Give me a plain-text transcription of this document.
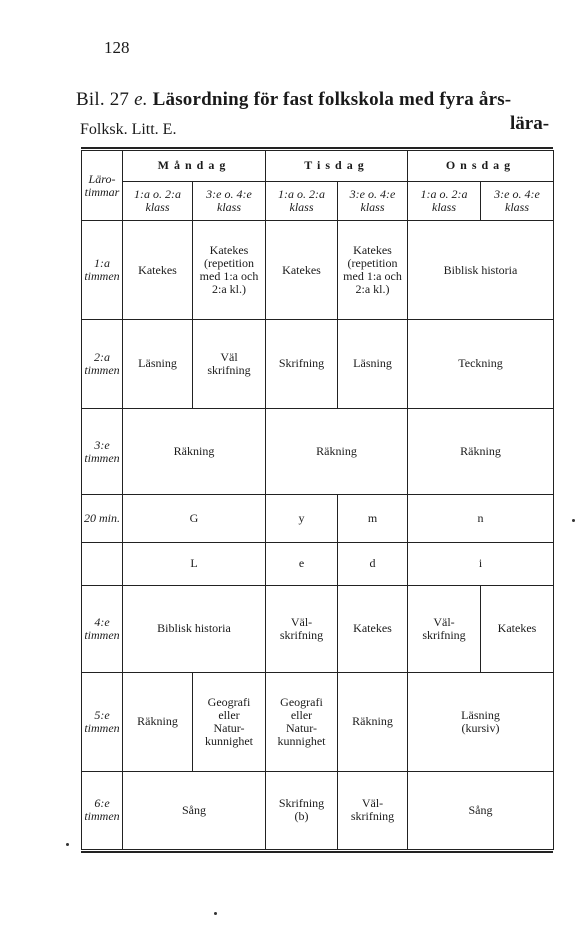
128
Bil. 27 e. Läsordning för fast folkskola med fyra års-
lära-
Folksk. Litt. E.
Läro-
timmar	Måndag		Tisdag		Onsdag	
	1:a o. 2:a
klass	3:e o. 4:e
klass	1:a o. 2:a
klass	3:e o. 4:e
klass	1:a o. 2:a
klass	3:e o. 4:e
klass
1:a
timmen	Katekes	Katekes
(repetition
med 1:a och
2:a kl.)	Katekes	Katekes
(repetition
med 1:a och
2:a kl.)	Biblisk historia	
2:a
timmen	Läsning	Väl
skrifning	Skrifning	Läsning	Teckning	
3:e
timmen	Räkning		Räkning		Räkning	
20 min.	G		y	m	n	
	L		e	d	i	
4:e
timmen	Biblisk historia		Väl-
skrifning	Katekes	Väl-
skrifning	Katekes
5:e
timmen	Räkning	Geografi
eller
Natur-
kunnighet	Geografi
eller
Natur-
kunnighet	Räkning	Läsning
(kursiv)	
6:e
timmen	Sång		Skrifning
(b)	Väl-
skrifning	Sång	
